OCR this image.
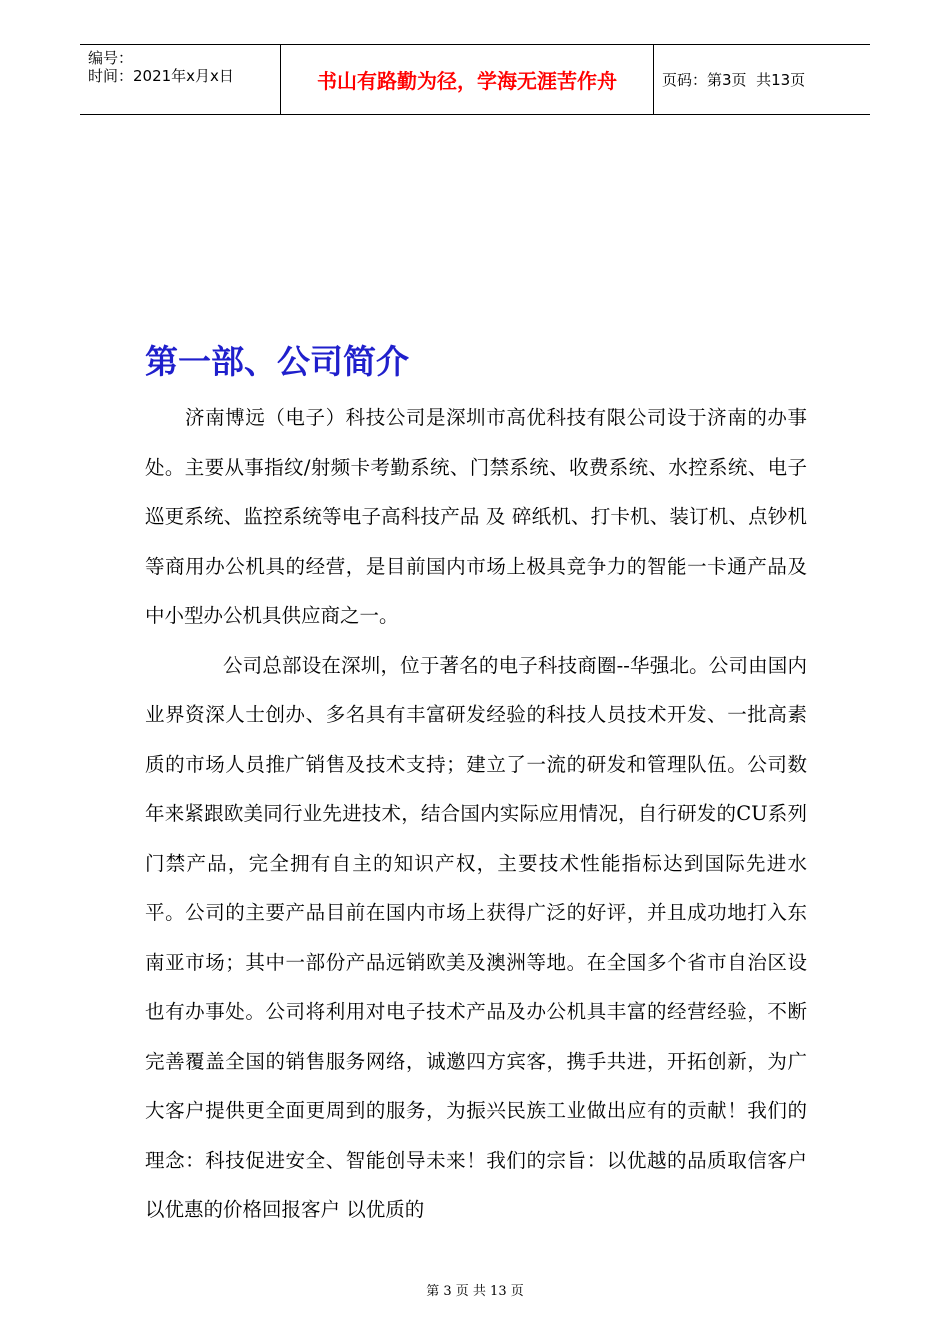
编号：
时间：2021年x月x日	书山有路勤为径，学海无涯苦作舟	页码：第3页  共13页
第一部、公司简介

济南博远（电子）科技公司是深圳市高优科技有限公司设于济南的办事处。主要从事指纹/射频卡考勤系统、门禁系统、收费系统、水控系统、电子巡更系统、监控系统等电子高科技产品 及 碎纸机、打卡机、装订机、点钞机等商用办公机具的经营，是目前国内市场上极具竞争力的智能一卡通产品及中小型办公机具供应商之一。

公司总部设在深圳，位于著名的电子科技商圈--华强北。公司由国内业界资深人士创办、多名具有丰富研发经验的科技人员技术开发、一批高素质的市场人员推广销售及技术支持；建立了一流的研发和管理队伍。公司数年来紧跟欧美同行业先进技术，结合国内实际应用情况，自行研发的CU系列门禁产品，完全拥有自主的知识产权，主要技术性能指标达到国际先进水平。公司的主要产品目前在国内市场上获得广泛的好评，并且成功地打入东南亚市场；其中一部份产品远销欧美及澳洲等地。在全国多个省市自治区设也有办事处。公司将利用对电子技术产品及办公机具丰富的经营经验，不断完善覆盖全国的销售服务网络，诚邀四方宾客，携手共进，开拓创新，为广大客户提供更全面更周到的服务，为振兴民族工业做出应有的贡献！我们的理念：科技促进安全、智能创导未来！我们的宗旨：以优越的品质取信客户 以优惠的价格回报客户 以优质的

第 3 页 共 13 页
